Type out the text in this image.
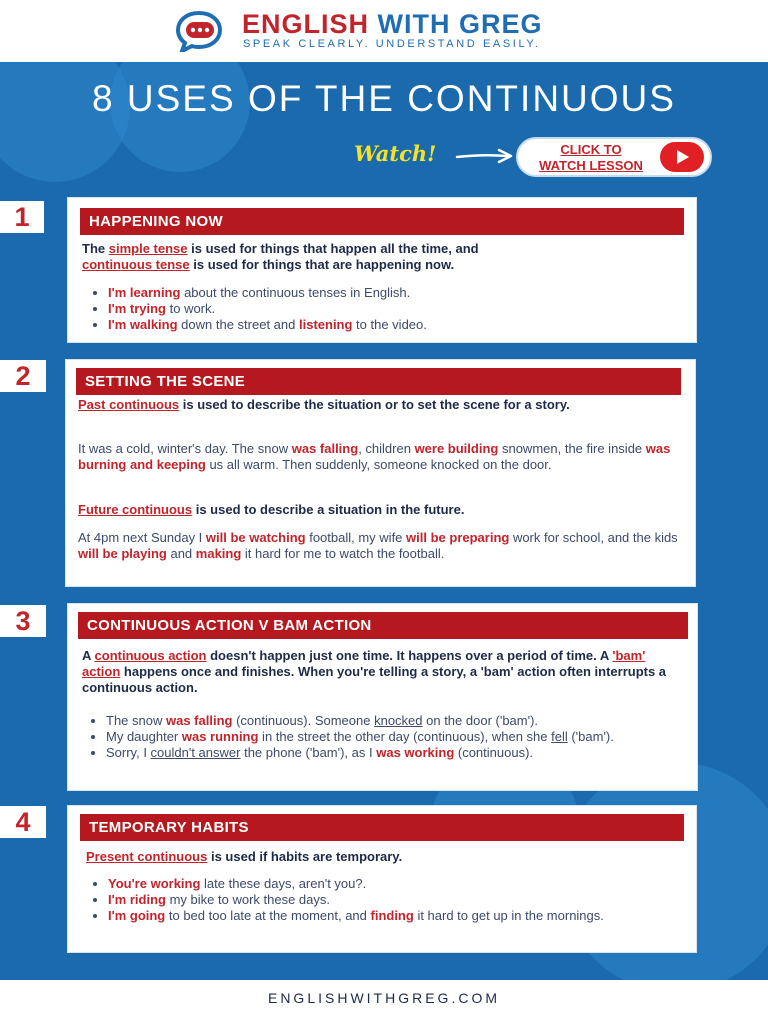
ENGLISH WITH GREG
SPEAK CLEARLY. UNDERSTAND EASILY.
8 USES OF THE CONTINUOUS
Watch!	CLICK TO
WATCH LESSON
1	HAPPENING NOW
The simple tense is used for things that happen all the time, and
continuous tense is used for things that are happening now.
• I'm learning about the continuous tenses in English.
• I'm trying to work.
• I'm walking down the street and listening to the video.
2	SETTING THE SCENE
Past continuous is used to describe the situation or to set the scene for a story.
It was a cold, winter's day. The snow was falling, children were building snowmen, the fire inside was burning and keeping us all warm. Then suddenly, someone knocked on the door.
Future continuous is used to describe a situation in the future.
At 4pm next Sunday I will be watching football, my wife will be preparing work for school, and the kids will be playing and making it hard for me to watch the football.
3	CONTINUOUS ACTION V BAM ACTION
A continuous action doesn't happen just one time. It happens over a period of time. A 'bam' action happens once and finishes. When you're telling a story, a 'bam' action often interrupts a continuous action.
• The snow was falling (continuous). Someone knocked on the door ('bam').
• My daughter was running in the street the other day (continuous), when she fell ('bam').
• Sorry, I couldn't answer the phone ('bam'), as I was working (continuous).
4	TEMPORARY HABITS
Present continuous is used if habits are temporary.
• You're working late these days, aren't you?.
• I'm riding my bike to work these days.
• I'm going to bed too late at the moment, and finding it hard to get up in the mornings.
ENGLISHWITHGREG.COM
